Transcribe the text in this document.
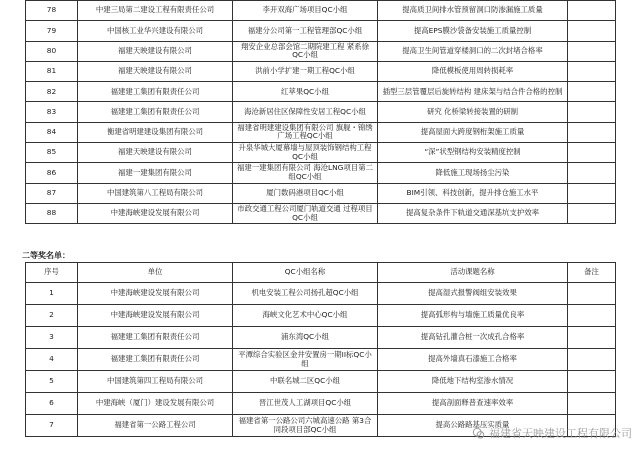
78	中建三局第二建设工程有限责任公司	李开双海广场项目QC小组	提高质卫间排水管预留洞口防渗漏施工质量	
79	中国核工业华兴建设有限公司	福建分公司第一工程管理部QC小组	提高EPS膜沙袋备安装施工质量控制	
80	福建天映建设有限公司	翔安企业总部会馆二期院建工程 紧系徐 QC小组	提高卫生间管道穿楼洞口的二次封堵合格率	
81	福建天映建设有限公司	洪前小学扩建一期工程QC小组	降低模板使用周转损耗率	
82	福建建工集团有限责任公司	红萃果QC小组	插型三层管覆层后旋转结构 建床架与结合件合格的控制	
83	福建建工集团有限责任公司	海沧新居住区保障性安居工程QC小组	研究 化桥梁转接装置的研制	
84	衡建省明建建设集团有限公司	福建省明建建设集团有限公司 旗舰・锦绣广场工程QC小组	提高屋面大跨度钢桁架施工质量	
85	福建天映建设有限公司	升泉华城大厦幕墙与屋顶装饰钢结构工程QC小组	“深”状型钢结构安装精度控制	
86	福建一建集团有限公司	福建一建集团有限公司 海沧LNG项目第二组QC小组	降低施工现场扬尘污染	
87	中国建筑第八工程局有限公司	厦门数码港项目QC小组	BIM引领、科技创新，提升排仓施工水平	
88	中建海峡建设发展有限公司	市政交通工程公司厦门轨道交通 过程项目QC小组	提高复杂条件下轨道交通深基坑支护效率	
二等奖名单：
序号	单位	QC小组名称	活动课题名称	备注
1	中建海峡建设发展有限公司	机电安装工程公司扬孔超QC小组	提高湿式报警阀组安装效果	
2	中建海峡建设发展有限公司	海峡文化艺术中心QC小组	提高弧形构与墙施工质量优良率	
3	福建建工集团有限责任公司	浦东湾QC小组	提高钻孔灌合桩一次成孔合格率	
4	福建建工集团有限责任公司	平潭综合实验区金井安置房一期II标QC小组	提高外墙真石漆施工合格率	
5	中国建筑第四工程局有限公司	中联名城二区QC小组	降低地下结构室渗水情况	
6	中建海峡（厦门）建设发展有限公司	晋江世茂人工湖项目QC小组	提高剖面释普查速率效率	
7	福建省第一公路工程公司	福建省第一公路公司六城高速公路 第3合同段项目部QC小组	提高公路路基压实质量	
福建省天映建设工程有限公司
